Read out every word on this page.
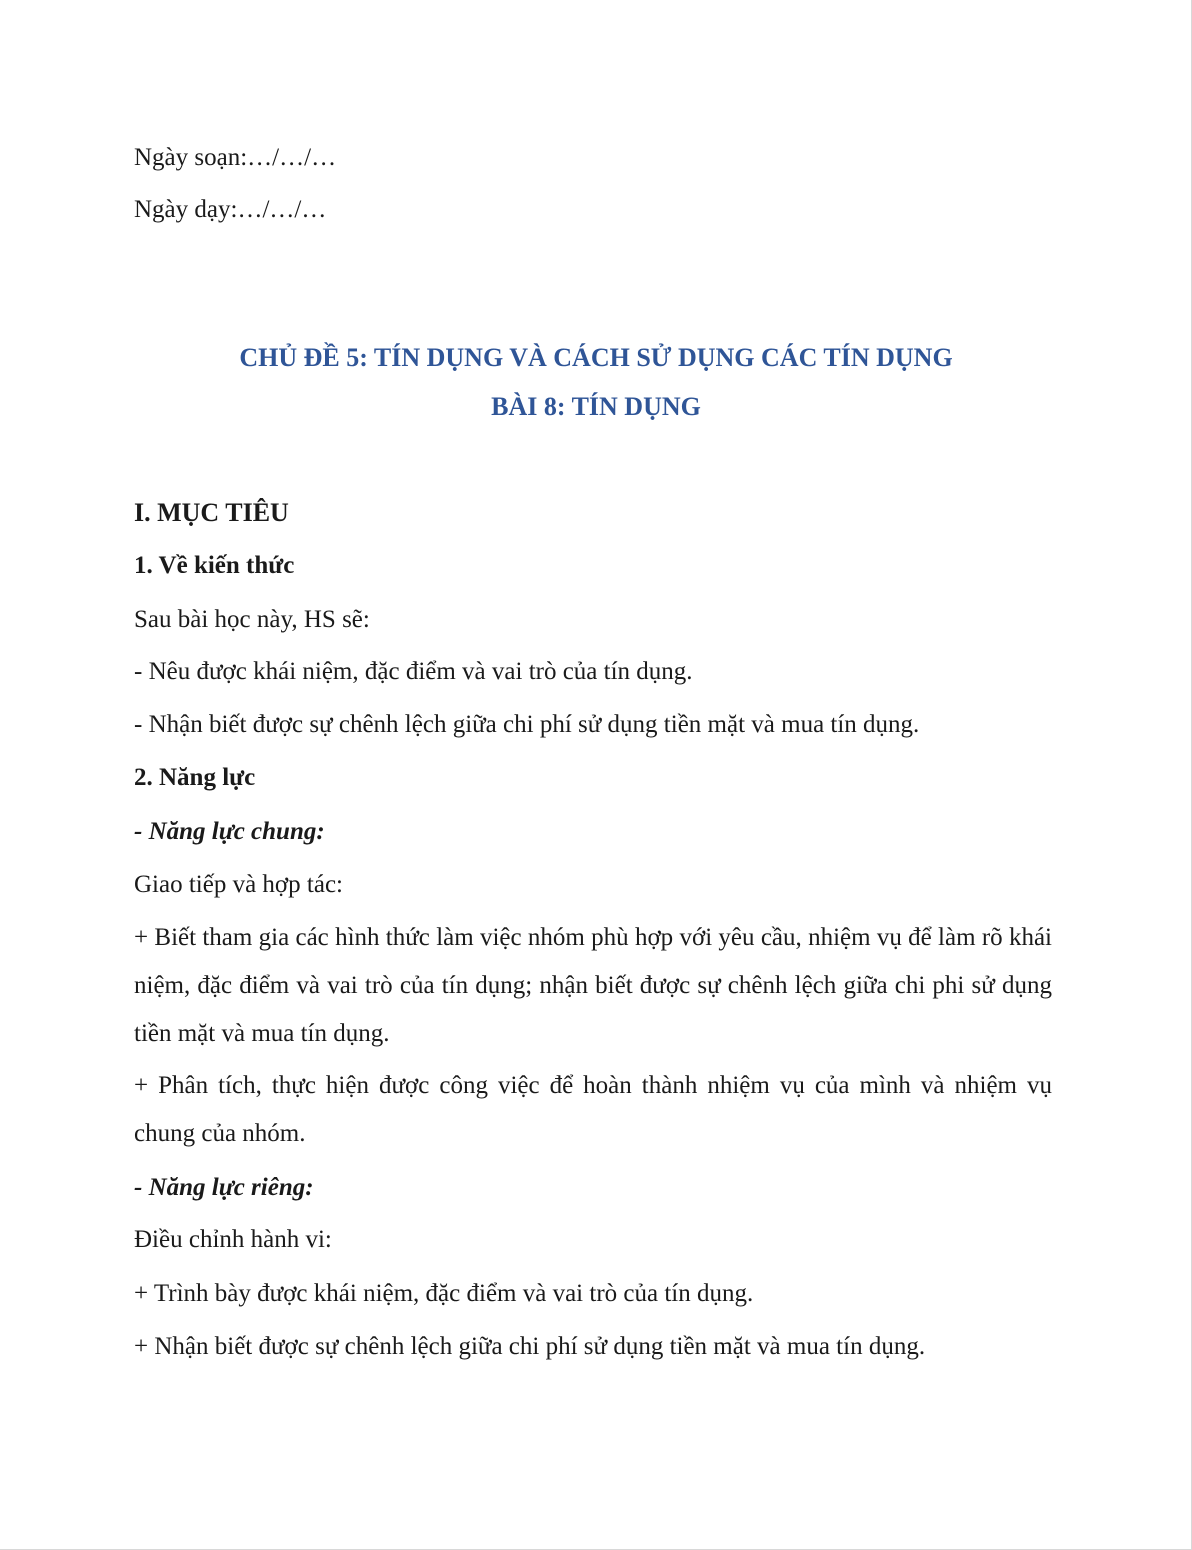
Ngày soạn:…/…/…
Ngày dạy:…/…/…
CHỦ ĐỀ 5: TÍN DỤNG VÀ CÁCH SỬ DỤNG CÁC TÍN DỤNG
BÀI 8: TÍN DỤNG
I. MỤC TIÊU
1. Về kiến thức
Sau bài học này, HS sẽ:
- Nêu được khái niệm, đặc điểm và vai trò của tín dụng.
- Nhận biết được sự chênh lệch giữa chi phí sử dụng tiền mặt và mua tín dụng.
2. Năng lực
- Năng lực chung:
Giao tiếp và hợp tác:
+ Biết tham gia các hình thức làm việc nhóm phù hợp với yêu cầu, nhiệm vụ để làm rõ khái niệm, đặc điểm và vai trò của tín dụng; nhận biết được sự chênh lệch giữa chi phi sử dụng tiền mặt và mua tín dụng.
+ Phân tích, thực hiện được công việc để hoàn thành nhiệm vụ của mình và nhiệm vụ chung của nhóm.
- Năng lực riêng:
Điều chỉnh hành vi:
+ Trình bày được khái niệm, đặc điểm và vai trò của tín dụng.
+ Nhận biết được sự chênh lệch giữa chi phí sử dụng tiền mặt và mua tín dụng.
